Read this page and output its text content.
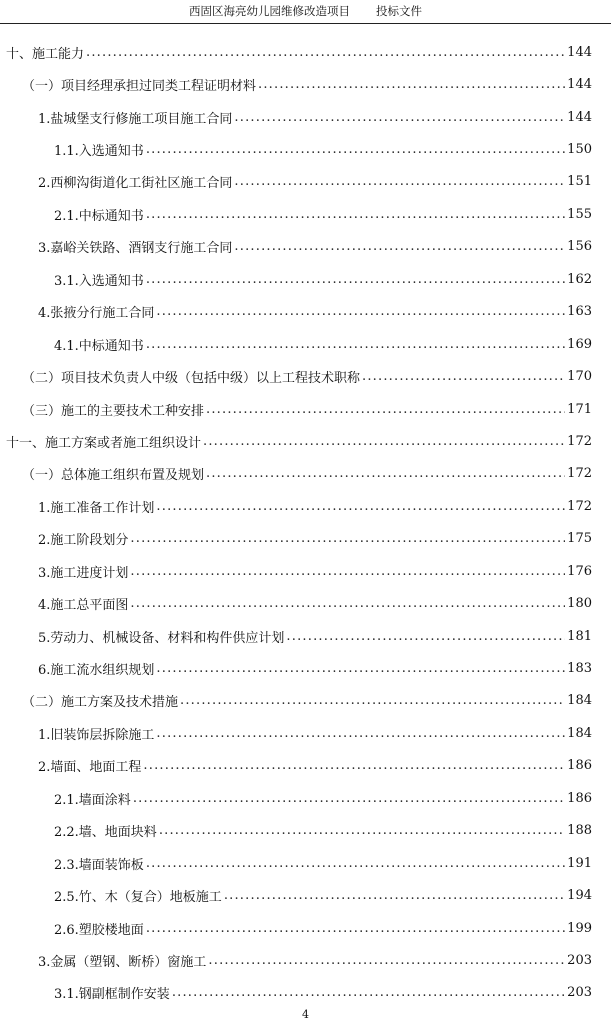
西固区海亮幼儿园维修改造项目 投标文件
十、施工能力 .....	144
（一）项目经理承担过同类工程证明材料 .....	144
1.盐城堡支行修施工项目施工合同 .....	144
1.1.入选通知书 .....	150
2.西柳沟街道化工街社区施工合同 .....	151
2.1.中标通知书 .....	155
3.嘉峪关铁路、酒钢支行施工合同 .....	156
3.1.入选通知书 .....	162
4.张掖分行施工合同 .....	163
4.1.中标通知书 .....	169
（二）项目技术负责人中级（包括中级）以上工程技术职称 .....	170
（三）施工的主要技术工种安排 .....	171
十一、施工方案或者施工组织设计 .....	172
（一）总体施工组织布置及规划 .....	172
1.施工准备工作计划 .....	172
2.施工阶段划分 .....	175
3.施工进度计划 .....	176
4.施工总平面图 .....	180
5.劳动力、机械设备、材料和构件供应计划 .....	181
6.施工流水组织规划 .....	183
（二）施工方案及技术措施 .....	184
1.旧装饰层拆除施工 .....	184
2.墙面、地面工程 .....	186
2.1.墙面涂料 .....	186
2.2.墙、地面块料 .....	188
2.3.墙面装饰板 .....	191
2.5.竹、木（复合）地板施工 .....	194
2.6.塑胶楼地面 .....	199
3.金属（塑钢、断桥）窗施工 .....	203
3.1.钢副框制作安装 .....	203
4
